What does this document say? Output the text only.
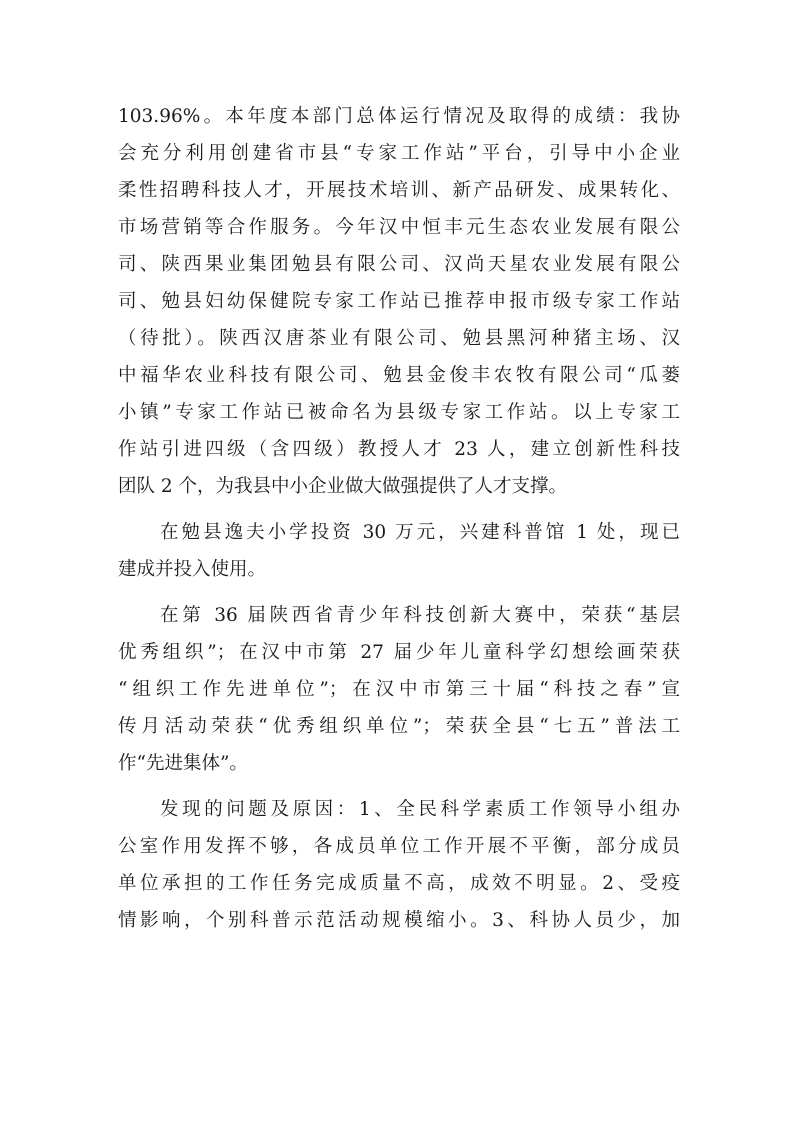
103.96%。本年度本部门总体运行情况及取得的成绩：我协
会充分利用创建省市县“专家工作站”平台，引导中小企业
柔性招聘科技人才，开展技术培训、新产品研发、成果转化、
市场营销等合作服务。今年汉中恒丰元生态农业发展有限公
司、陕西果业集团勉县有限公司、汉尚天星农业发展有限公
司、勉县妇幼保健院专家工作站已推荐申报市级专家工作站
（待批）。陕西汉唐茶业有限公司、勉县黑河种猪主场、汉
中福华农业科技有限公司、勉县金俊丰农牧有限公司“瓜蒌
小镇”专家工作站已被命名为县级专家工作站。以上专家工
作站引进四级（含四级）教授人才 23 人，建立创新性科技
团队 2 个，为我县中小企业做大做强提供了人才支撑。
在勉县逸夫小学投资 30 万元，兴建科普馆 1 处，现已
建成并投入使用。
在第 36 届陕西省青少年科技创新大赛中，荣获“基层
优秀组织”；在汉中市第 27 届少年儿童科学幻想绘画荣获
“组织工作先进单位”；在汉中市第三十届“科技之春”宣
传月活动荣获“优秀组织单位”；荣获全县“七五”普法工
作“先进集体”。
发现的问题及原因：1、全民科学素质工作领导小组办
公室作用发挥不够，各成员单位工作开展不平衡，部分成员
单位承担的工作任务完成质量不高，成效不明显。2、受疫
情影响，个别科普示范活动规模缩小。3、科协人员少，加
